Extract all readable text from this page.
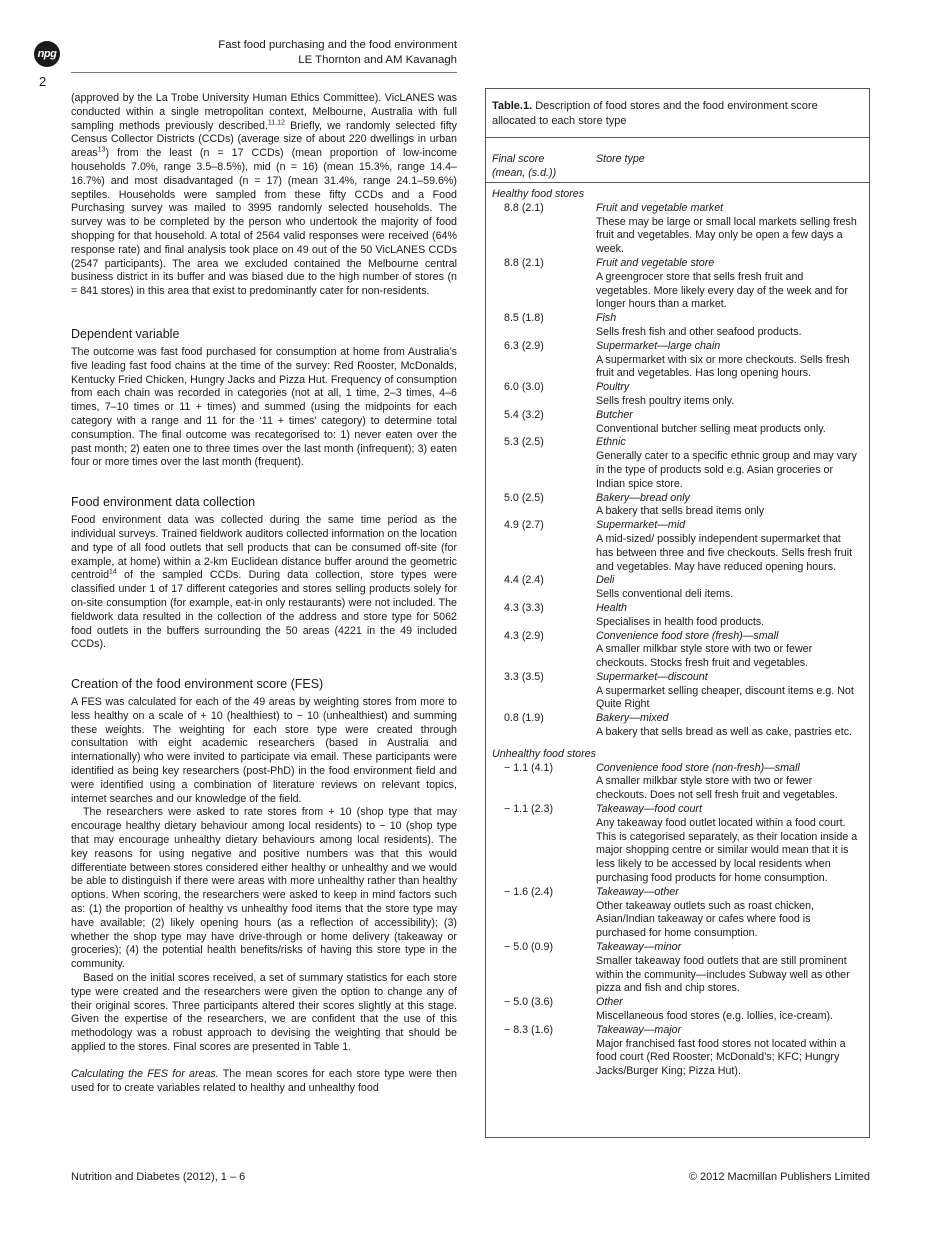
npg
2
Fast food purchasing and the food environment
LE Thornton and AM Kavanagh

(approved by the La Trobe University Human Ethics Committee). VicLANES was conducted within a single metropolitan context, Melbourne, Australia with full sampling methods previously described.$^{11,12}$ Briefly, we randomly selected fifty Census Collector Districts (CCDs) (average size of about 220 dwellings in urban areas$^{13}$) from the least (n = 17 CCDs) (mean proportion of low-income households 7.0%, range 3.5–8.5%), mid (n = 16) (mean 15.3%, range 14.4–16.7%) and most disadvantaged (n = 17) (mean 31.4%, range 24.1–59.6%) septiles. Households were sampled from these fifty CCDs and a Food Purchasing survey was mailed to 3995 randomly selected households. The survey was to be completed by the person who undertook the majority of food shopping for that household. A total of 2564 valid responses were received (64% response rate) and final analysis took place on 49 out of the 50 VicLANES CCDs (2547 participants). The area we excluded contained the Melbourne central business district in its buffer and was biased due to the high number of stores (n = 841 stores) in this area that exist to predominantly cater for non-residents.

Dependent variable

The outcome was fast food purchased for consumption at home from Australia’s five leading fast food chains at the time of the survey: Red Rooster, McDonalds, Kentucky Fried Chicken, Hungry Jacks and Pizza Hut. Frequency of consumption from each chain was recorded in categories (not at all, 1 time, 2–3 times, 4–6 times, 7–10 times or 11 + times) and summed (using the midpoints for each category with a range and 11 for the ‘11 + times’ category) to determine total consumption. The final outcome was recategorised to: 1) never eaten over the past month; 2) eaten one to three times over the last month (infrequent); 3) eaten four or more times over the last month (frequent).

Food environment data collection

Food environment data was collected during the same time period as the individual surveys. Trained fieldwork auditors collected information on the location and type of all food outlets that sell products that can be consumed off-site (for example, at home) within a 2-km Euclidean distance buffer around the geometric centroid$^{14}$ of the sampled CCDs. During data collection, store types were classified under 1 of 17 different categories and stores selling products solely for on-site consumption (for example, eat-in only restaurants) were not included. The fieldwork data resulted in the collection of the address and store type for 5062 food outlets in the buffers surrounding the 50 areas (4221 in the 49 included CCDs).

Creation of the food environment score (FES)

A FES was calculated for each of the 49 areas by weighting stores from more to less healthy on a scale of + 10 (healthiest) to − 10 (unhealthiest) and summing these weights. The weighting for each store type were created through consultation with eight academic researchers (based in Australia and internationally) who were invited to participate via email. These participants were identified as being key researchers (post-PhD) in the food environment field and were identified using a combination of literature reviews on relevant topics, internet searches and our knowledge of the field.

The researchers were asked to rate stores from + 10 (shop type that may encourage healthy dietary behaviour among local residents) to − 10 (shop type that may encourage unhealthy dietary behaviours among local residents). The key reasons for using negative and positive numbers was that this would differentiate between stores considered either healthy or unhealthy and we would be able to distinguish if there were areas with more unhealthy rather than healthy options. When scoring, the researchers were asked to keep in mind factors such as: (1) the proportion of healthy vs unhealthy food items that the store type may have available; (2) likely opening hours (as a reflection of accessibility); (3) whether the shop type may have drive-through or home delivery (takeaway or groceries); (4) the potential health benefits/risks of having this store type in the community.

Based on the initial scores received, a set of summary statistics for each store type were created and the researchers were given the option to change any of their original scores. Three participants altered their scores slightly at this stage. Given the expertise of the researchers, we are confident that the use of this methodology was a robust approach to devising the weighting that should be applied to the stores. Final scores are presented in Table 1.

Calculating the FES for areas. The mean scores for each store type were then used for to create variables related to healthy and unhealthy food

Table.1. Description of food stores and the food environment score allocated to each store type
Final score
(mean, (s.d.))
Store type
Healthy food stores
8.8 (2.1)	Fruit and vegetable market
These may be large or small local markets selling fresh fruit and vegetables. May only be open a few days a week.
8.8 (2.1)	Fruit and vegetable store
A greengrocer store that sells fresh fruit and vegetables. More likely every day of the week and for longer hours than a market.
8.5 (1.8)	Fish
Sells fresh fish and other seafood products.
6.3 (2.9)	Supermarket—large chain
A supermarket with six or more checkouts. Sells fresh fruit and vegetables. Has long opening hours.
6.0 (3.0)	Poultry
Sells fresh poultry items only.
5.4 (3.2)	Butcher
Conventional butcher selling meat products only.
5.3 (2.5)	Ethnic
Generally cater to a specific ethnic group and may vary in the type of products sold e.g. Asian groceries or Indian spice store.
5.0 (2.5)	Bakery—bread only
A bakery that sells bread items only
4.9 (2.7)	Supermarket—mid
A mid-sized/ possibly independent supermarket that has between three and five checkouts. Sells fresh fruit and vegetables. May have reduced opening hours.
4.4 (2.4)	Deli
Sells conventional deli items.
4.3 (3.3)	Health
Specialises in health food products.
4.3 (2.9)	Convenience food store (fresh)—small
A smaller milkbar style store with two or fewer checkouts. Stocks fresh fruit and vegetables.
3.3 (3.5)	Supermarket—discount
A supermarket selling cheaper, discount items e.g. Not Quite Right
0.8 (1.9)	Bakery—mixed
A bakery that sells bread as well as cake, pastries etc.
Unhealthy food stores
− 1.1 (4.1)	Convenience food store (non-fresh)—small
A smaller milkbar style store with two or fewer checkouts. Does not sell fresh fruit and vegetables.
− 1.1 (2.3)	Takeaway—food court
Any takeaway food outlet located within a food court. This is categorised separately, as their location inside a major shopping centre or similar would mean that it is less likely to be accessed by local residents when purchasing food products for home consumption.
− 1.6 (2.4)	Takeaway—other
Other takeaway outlets such as roast chicken, Asian/Indian takeaway or cafes where food is purchased for home consumption.
− 5.0 (0.9)	Takeaway—minor
Smaller takeaway food outlets that are still prominent within the community—includes Subway well as other pizza and fish and chip stores.
− 5.0 (3.6)	Other
Miscellaneous food stores (e.g. lollies, ice-cream).
− 8.3 (1.6)	Takeaway—major
Major franchised fast food stores not located within a food court (Red Rooster; McDonald’s; KFC; Hungry Jacks/Burger King; Pizza Hut).
Nutrition and Diabetes (2012), 1 – 6	© 2012 Macmillan Publishers Limited
